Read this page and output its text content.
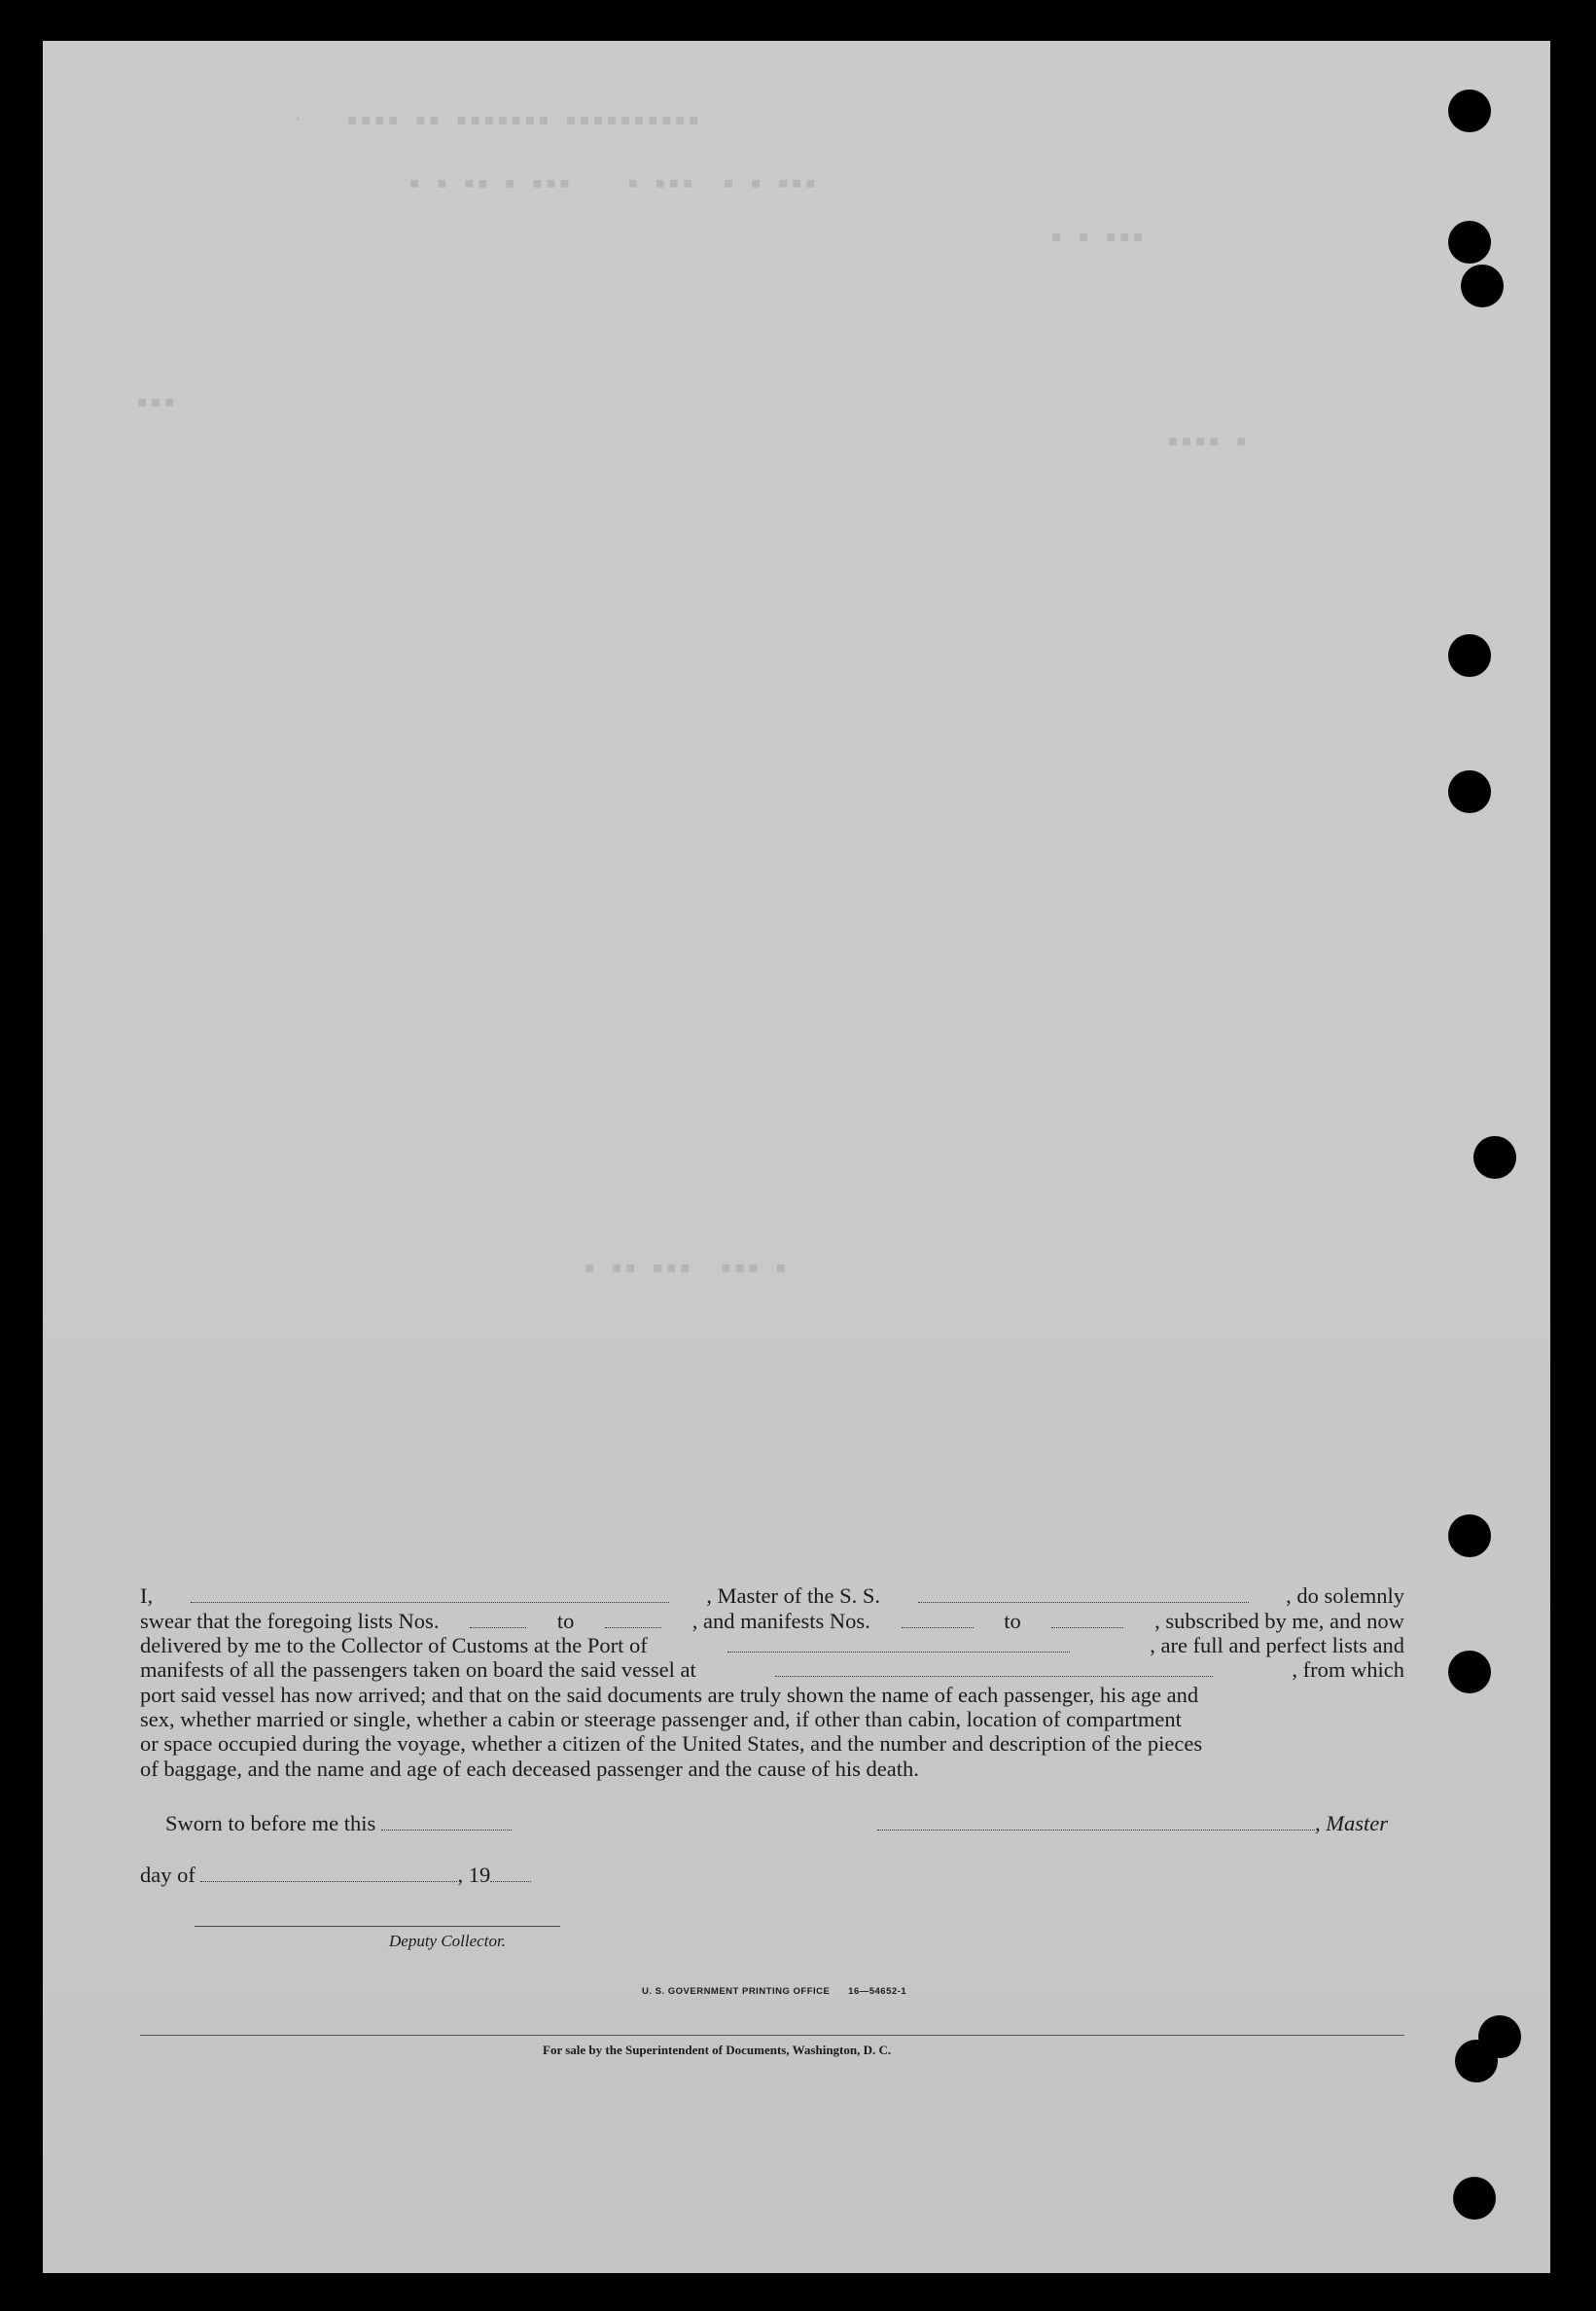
·   ▪▪▪▪ ▪▪ ▪▪▪▪▪▪▪ ▪▪▪▪▪▪▪▪▪▪
▪ ▪ ▪▪ ▪ ▪▪▪    ▪ ▪▪▪  ▪ ▪ ▪▪▪
▪ ▪ ▪▪▪
▪▪▪
▪▪▪▪ ▪
▪ ▪▪ ▪▪▪  ▪▪▪ ▪
I,	, Master of the S. S.	, do solemnly
swear that the foregoing lists Nos.	to	, and manifests Nos.	to	, subscribed by me, and now
delivered by me to the Collector of Customs at the Port of	, are full and perfect lists and
manifests of all the passengers taken on board the said vessel at	, from which
port said vessel has now arrived; and that on the said documents are truly shown the name of each passenger, his age and
sex, whether married or single, whether a cabin or steerage passenger and, if other than cabin, location of compartment
or space occupied during the voyage, whether a citizen of the United States, and the number and description of the pieces
of baggage, and the name and age of each deceased passenger and the cause of his death.
Sworn to before me this	, Master
day of	, 19
Deputy Collector.
U. S. GOVERNMENT PRINTING OFFICE      16—54652-1
For sale by the Superintendent of Documents, Washington, D. C.
